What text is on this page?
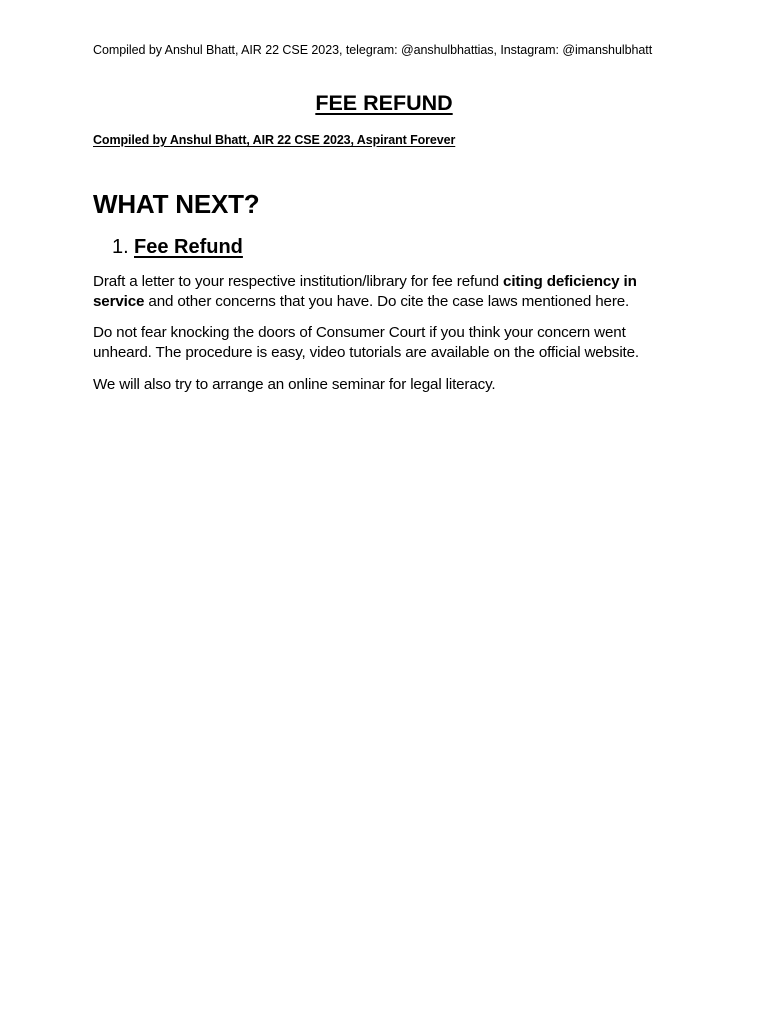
Compiled by Anshul Bhatt, AIR 22 CSE 2023, telegram: @anshulbhattias, Instagram: @imanshulbhatt
FEE REFUND
Compiled by Anshul Bhatt, AIR 22 CSE 2023, Aspirant Forever
WHAT NEXT?
1. Fee Refund
Draft a letter to your respective institution/library for fee refund citing deficiency in service and other concerns that you have. Do cite the case laws mentioned here.
Do not fear knocking the doors of Consumer Court if you think your concern went unheard. The procedure is easy, video tutorials are available on the official website.
We will also try to arrange an online seminar for legal literacy.
